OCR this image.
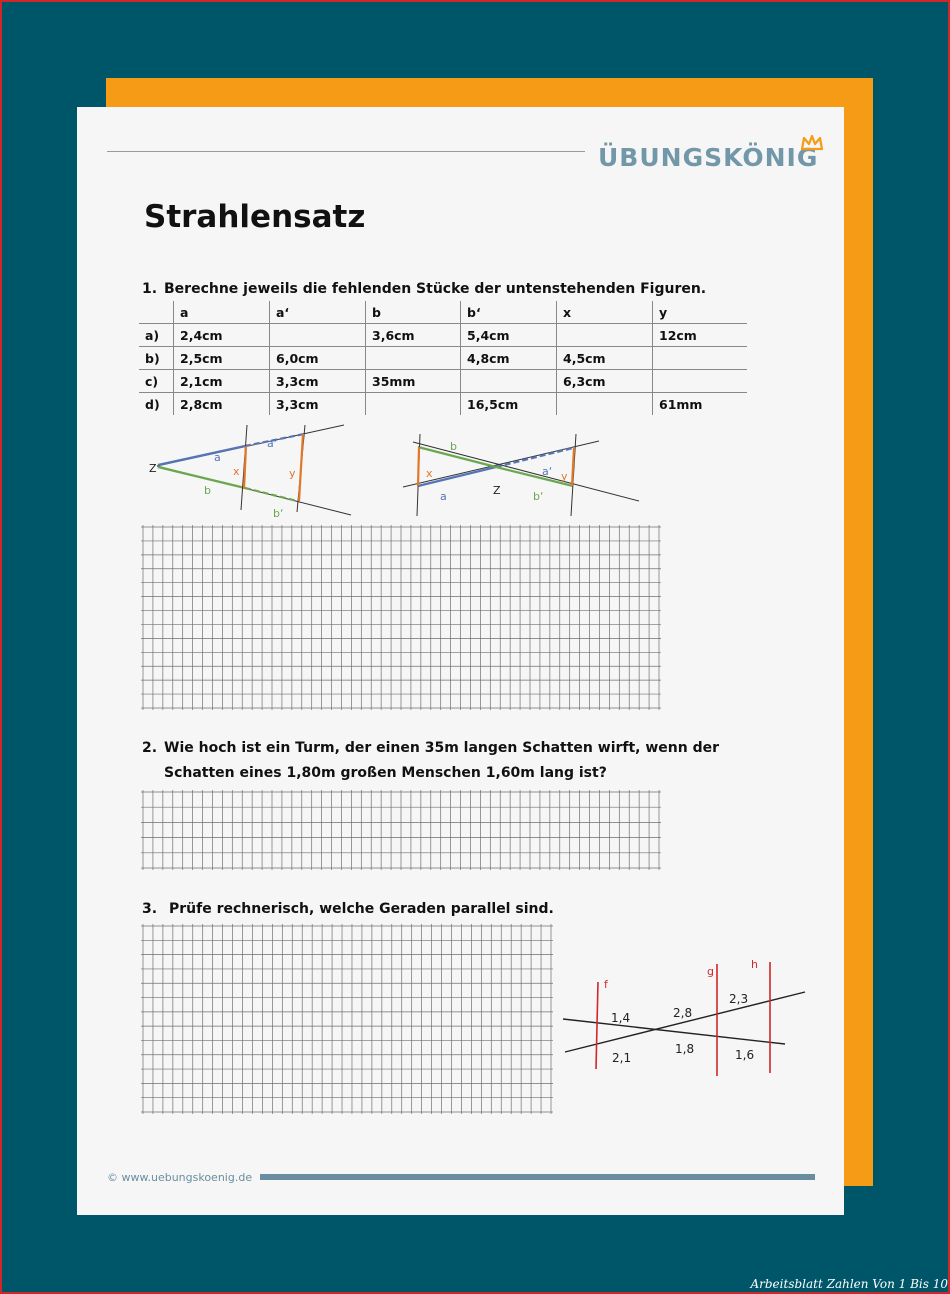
ÜBUNGSKÖNIG
Strahlensatz
1. Berechne jeweils die fehlenden Stücke der untenstehenden Figuren.
	a	a‘	b	b‘	x	y
a)	2,4cm		3,6cm	5,4cm		12cm
b)	2,5cm	6,0cm		4,8cm	4,5cm	
c)	2,1cm	3,3cm	35mm		6,3cm	
d)	2,8cm	3,3cm		16,5cm		61mm
Z
a
a‘
b
b‘
x	y
Z
a
a‘
b
b‘
x	y
2. Wie hoch ist ein Turm, der einen 35m langen Schatten wirft, wenn der
Schatten eines 1,80m großen Menschen 1,60m lang ist?
3. Prüfe rechnerisch, welche Geraden parallel sind.
f
g
h
1,4	2,8
2,3
2,1
1,8	1,6
© www.uebungskoenig.de
Arbeitsblatt Zahlen Von 1 Bis 10
